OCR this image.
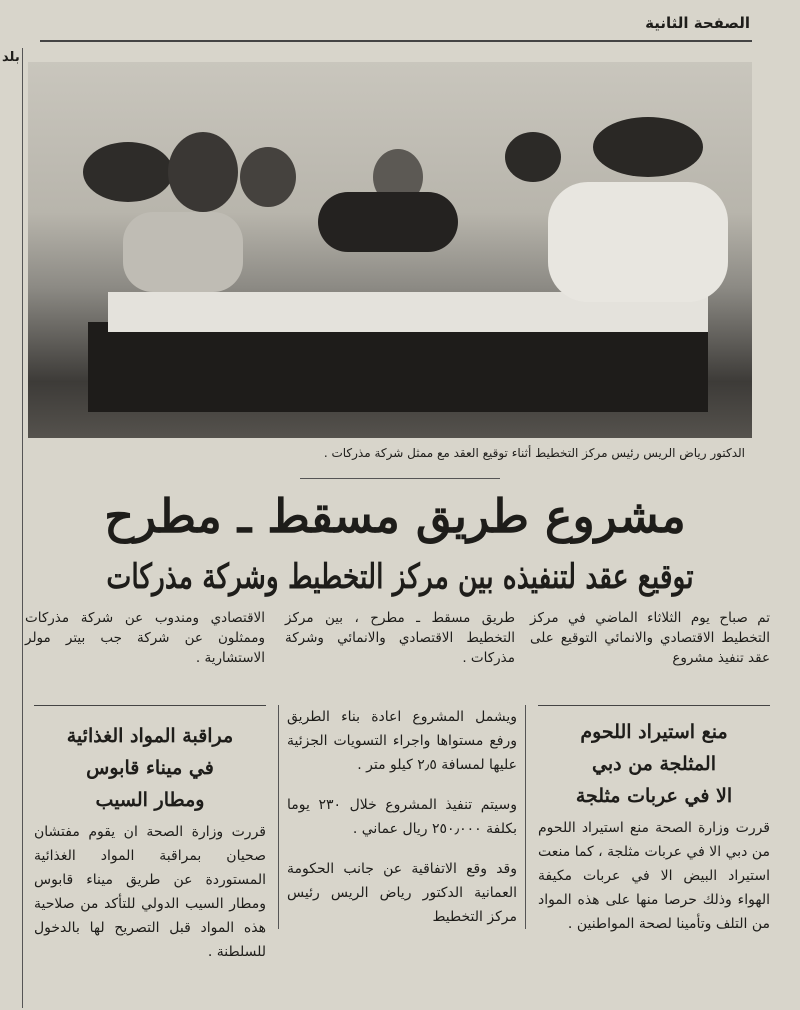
الصفحة الثانية
بلد
الدكتور رياض الريس رئيس مركز التخطيط أثناء توقيع العقد مع ممثل شركة مذركات .
مشروع طريق مسقط ـ مطرح
توقيع عقد لتنفيذه بين مركز التخطيط وشركة مذركات
تم صباح يوم الثلاثاء الماضي في مركز التخطيط الاقتصادي والانمائي التوقيع على عقد تنفيذ مشروع
طريق مسقط ـ مطرح ، بين مركز التخطيط الاقتصادي والانمائي وشركة مذركات .
الاقتصادي ومندوب عن شركة مذركات وممثلون عن شركة جب بيتر مولر الاستشارية .
منع استيراد اللحوم
المثلجة من دبي
الا في عربات مثلجة
قررت وزارة الصحة منع استيراد اللحوم من دبي الا في عربات مثلجة ، كما منعت استيراد البيض الا في عربات مكيفة الهواء وذلك حرصا منها على هذه المواد من التلف وتأمينا لصحة المواطنين .
ويشمل المشروع اعادة بناء الطريق ورفع مستواها واجراء التسويات الجزئية عليها لمسافة ٢٫٥ كيلو متر .
وسيتم تنفيذ المشروع خلال ٢٣٠ يوما بكلفة ٢٥٠٫٠٠٠ ريال عماني .
وقد وقع الاتفاقية عن جانب الحكومة العمانية الدكتور رياض الريس رئيس مركز التخطيط
مراقبة المواد الغذائية
في ميناء قابوس
ومطار السيب
قررت وزارة الصحة ان يقوم مفتشان صحيان بمراقبة المواد الغذائية المستوردة عن طريق ميناء قابوس ومطار السيب الدولي للتأكد من صلاحية هذه المواد قبل التصريح لها بالدخول للسلطنة .
